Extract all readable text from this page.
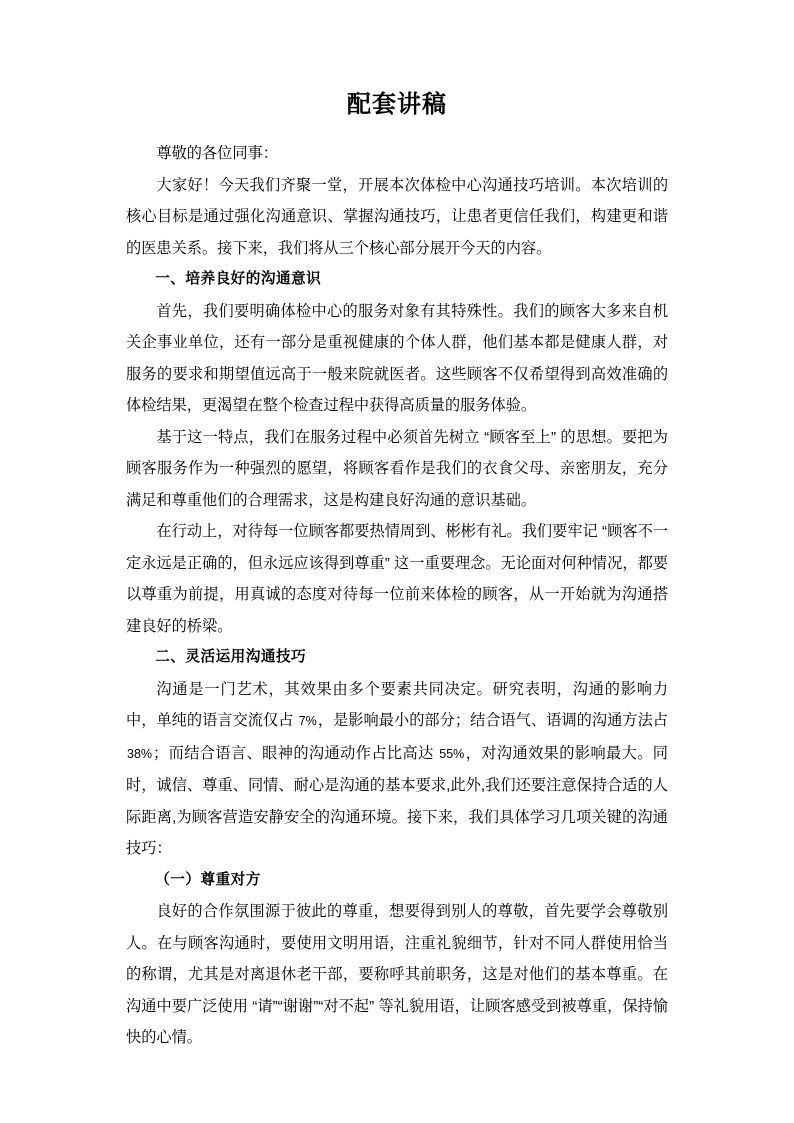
配套讲稿

尊敬的各位同事：

大家好！今天我们齐聚一堂，开展本次体检中心沟通技巧培训。本次培训的核心目标是通过强化沟通意识、掌握沟通技巧，让患者更信任我们，构建更和谐的医患关系。接下来，我们将从三个核心部分展开今天的内容。

一、培养良好的沟通意识

首先，我们要明确体检中心的服务对象有其特殊性。我们的顾客大多来自机关企事业单位，还有一部分是重视健康的个体人群，他们基本都是健康人群，对服务的要求和期望值远高于一般来院就医者。这些顾客不仅希望得到高效准确的体检结果，更渴望在整个检查过程中获得高质量的服务体验。

基于这一特点，我们在服务过程中必须首先树立 “顾客至上” 的思想。要把为顾客服务作为一种强烈的愿望，将顾客看作是我们的衣食父母、亲密朋友，充分满足和尊重他们的合理需求，这是构建良好沟通的意识基础。

在行动上，对待每一位顾客都要热情周到、彬彬有礼。我们要牢记 “顾客不一定永远是正确的，但永远应该得到尊重” 这一重要理念。无论面对何种情况，都要以尊重为前提，用真诚的态度对待每一位前来体检的顾客，从一开始就为沟通搭建良好的桥梁。

二、灵活运用沟通技巧

沟通是一门艺术，其效果由多个要素共同决定。研究表明，沟通的影响力中，单纯的语言交流仅占 7%，是影响最小的部分；结合语气、语调的沟通方法占 38%；而结合语言、眼神的沟通动作占比高达 55%，对沟通效果的影响最大。同时，诚信、尊重、同情、耐心是沟通的基本要求,此外,我们还要注意保持合适的人际距离,为顾客营造安静安全的沟通环境。接下来，我们具体学习几项关键的沟通技巧：

（一）尊重对方

良好的合作氛围源于彼此的尊重，想要得到别人的尊敬，首先要学会尊敬别人。在与顾客沟通时，要使用文明用语，注重礼貌细节，针对不同人群使用恰当的称谓，尤其是对离退休老干部，要称呼其前职务，这是对他们的基本尊重。在沟通中要广泛使用 “请”“谢谢”“对不起” 等礼貌用语，让顾客感受到被尊重，保持愉快的心情。
